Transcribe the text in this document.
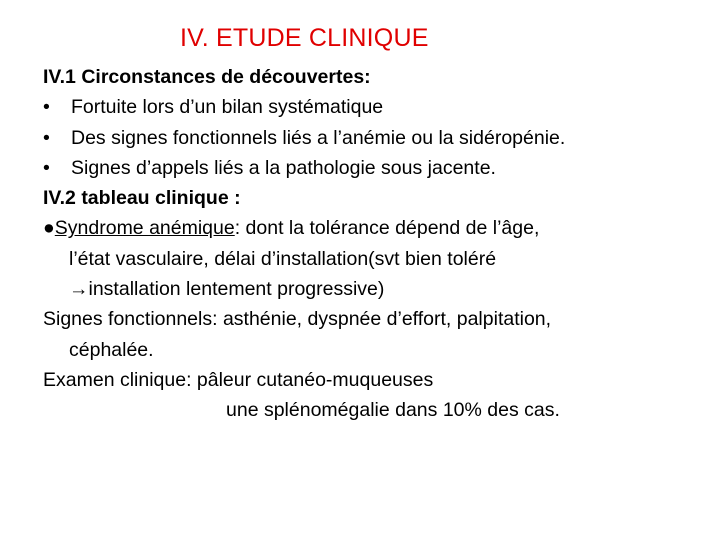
IV. ETUDE CLINIQUE
IV.1 Circonstances de découvertes:
• Fortuite lors d’un bilan systématique
• Des signes fonctionnels liés a l’anémie ou la sidéropénie.
• Signes d’appels liés a la pathologie sous jacente.
IV.2 tableau clinique :
●Syndrome anémique: dont la tolérance dépend de l’âge,
l’état vasculaire, délai d’installation(svt bien toléré
→installation lentement progressive)
Signes fonctionnels: asthénie, dyspnée d’effort, palpitation,
céphalée.
Examen clinique: pâleur cutanéo-muqueuses
une splénomégalie dans 10% des cas.
